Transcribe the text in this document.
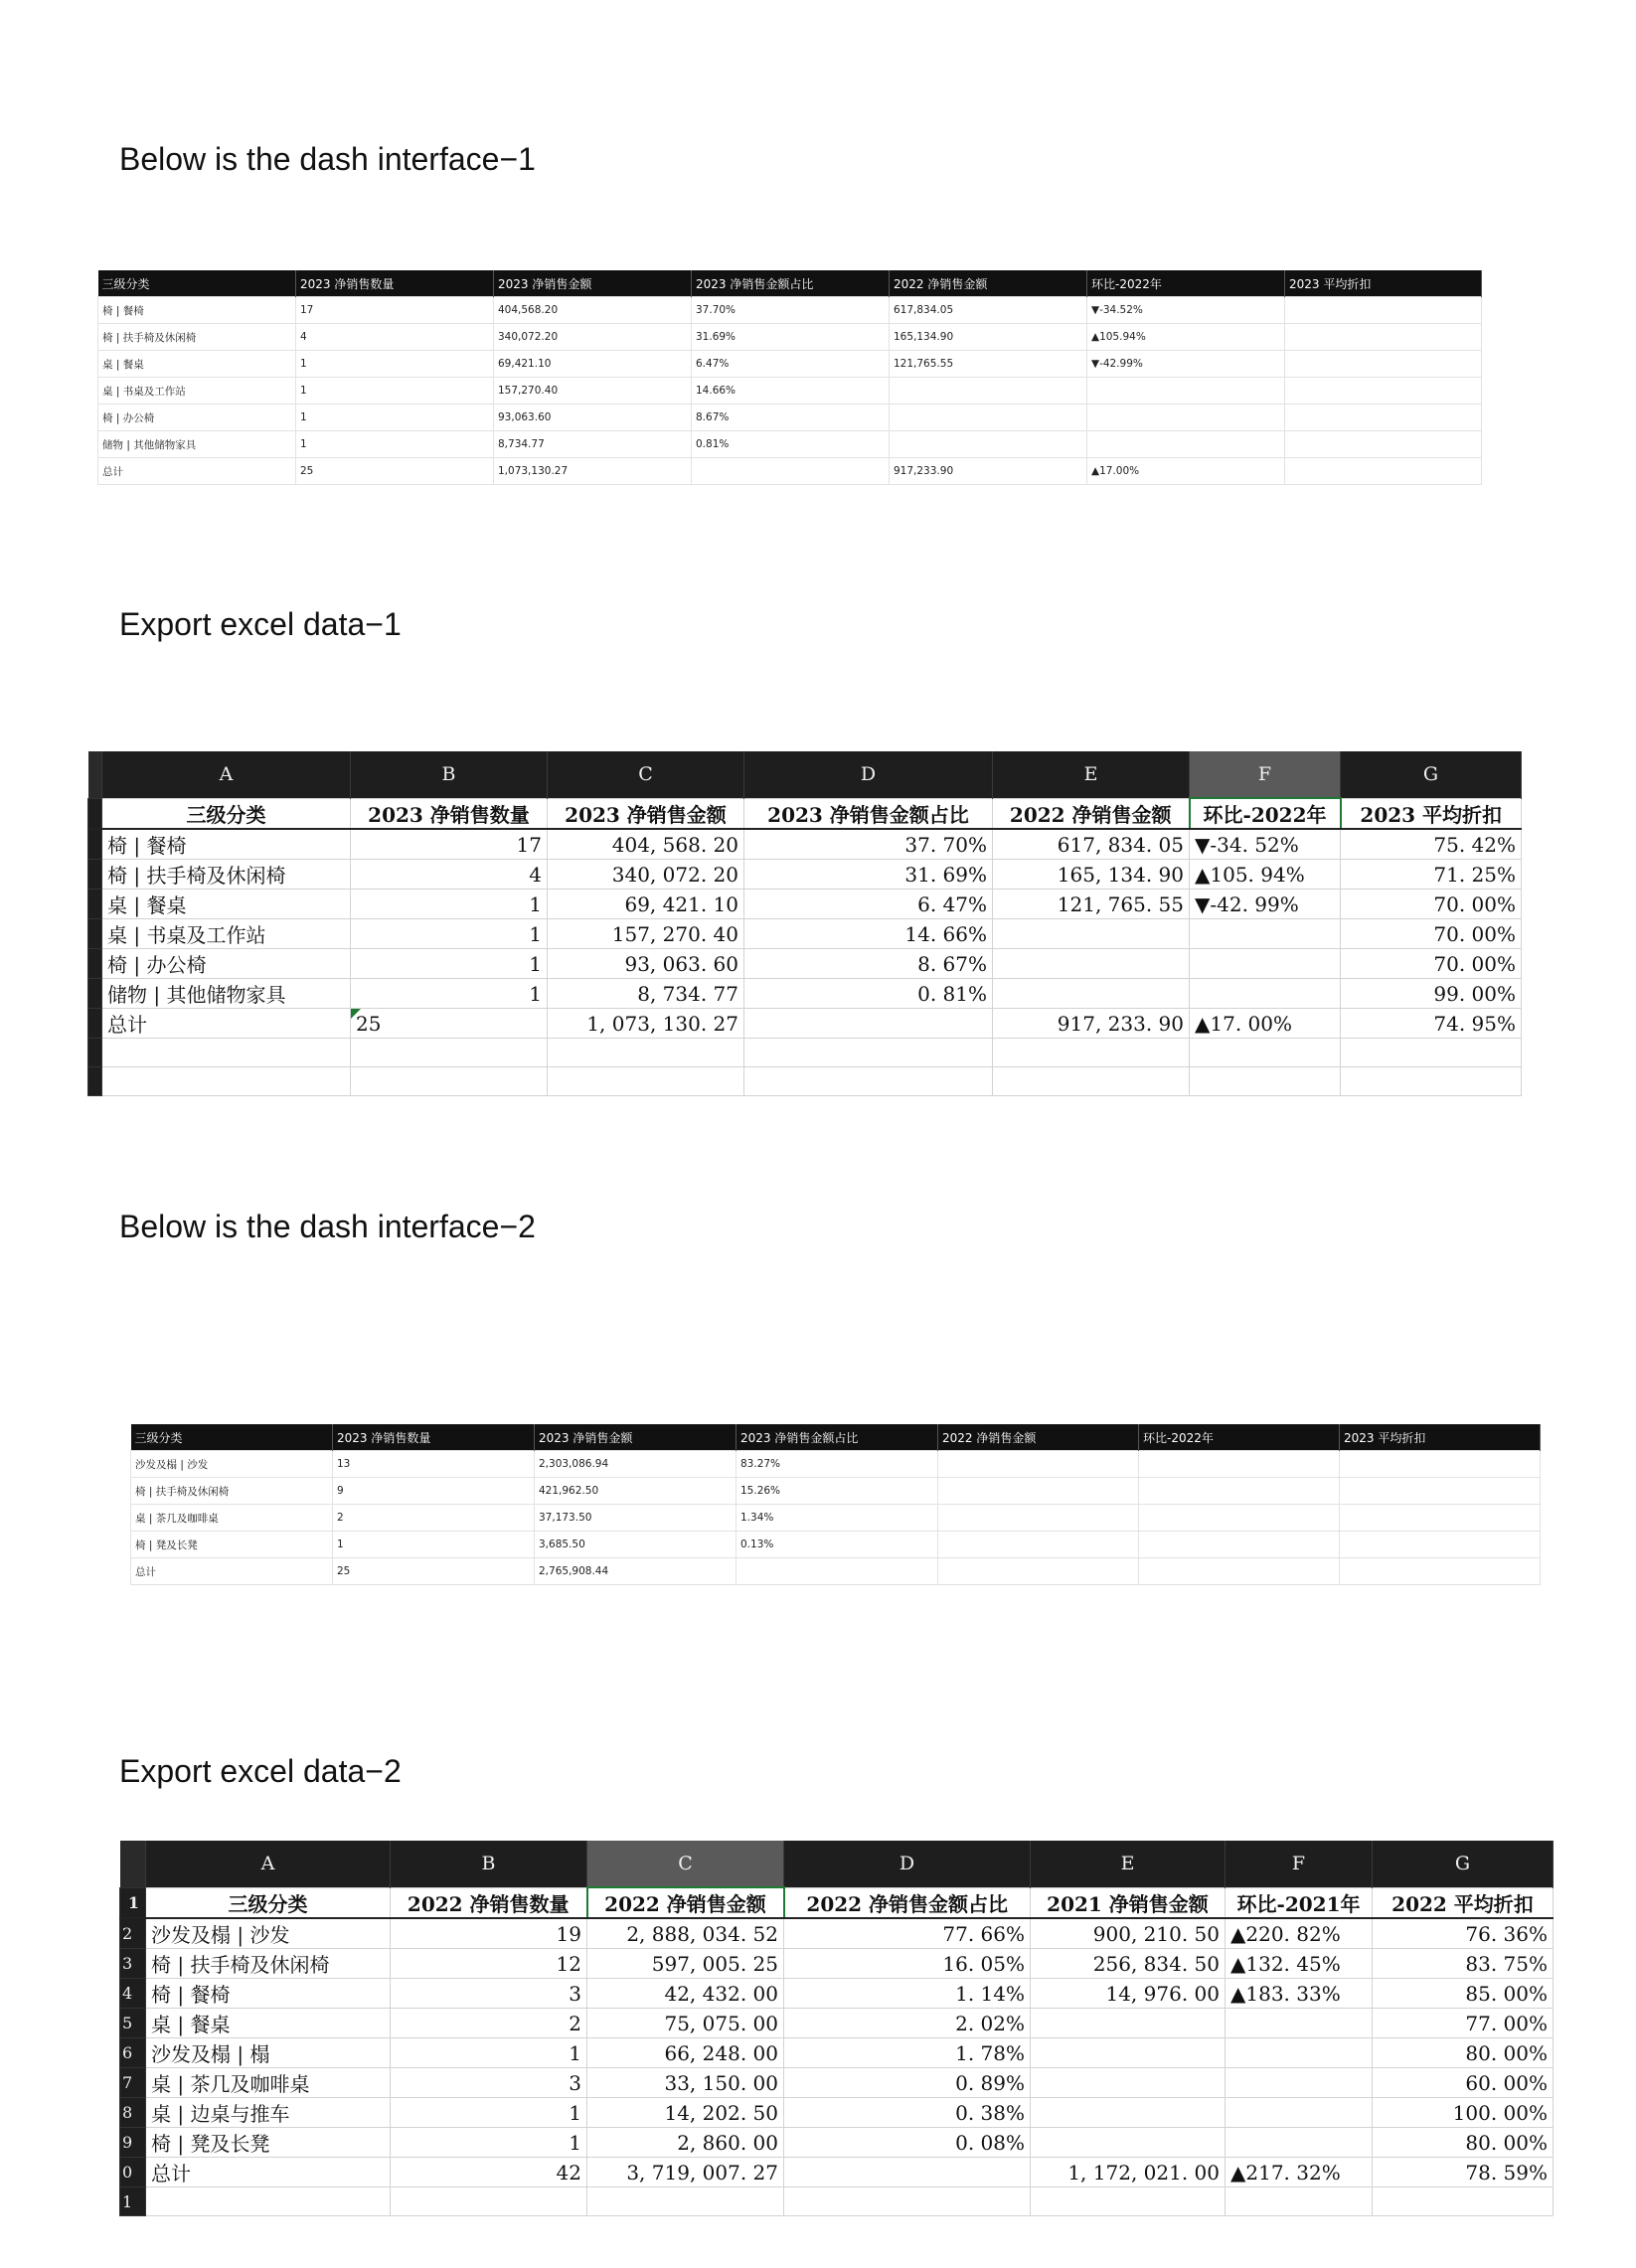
Below is the dash interface−1
三级分类	2023 净销售数量	2023 净销售金额	2023 净销售金额占比	2022 净销售金额	环比-2022年	2023 平均折扣
椅 | 餐椅	17	404,568.20	37.70%	617,834.05	▼-34.52%	
椅 | 扶手椅及休闲椅	4	340,072.20	31.69%	165,134.90	▲105.94%	
桌 | 餐桌	1	69,421.10	6.47%	121,765.55	▼-42.99%	
桌 | 书桌及工作站	1	157,270.40	14.66%			
椅 | 办公椅	1	93,063.60	8.67%			
储物 | 其他储物家具	1	8,734.77	0.81%			
总计	25	1,073,130.27		917,233.90	▲17.00%	
Export excel data−1
	A	B	C	D	E	F	G
	三级分类	2023 净销售数量	2023 净销售金额	2023 净销售金额占比	2022 净销售金额	环比-2022年	2023 平均折扣
	椅 | 餐椅	17	404, 568. 20	37. 70%	617, 834. 05	▼-34. 52%	75. 42%
	椅 | 扶手椅及休闲椅	4	340, 072. 20	31. 69%	165, 134. 90	▲105. 94%	71. 25%
	桌 | 餐桌	1	69, 421. 10	6. 47%	121, 765. 55	▼-42. 99%	70. 00%
	桌 | 书桌及工作站	1	157, 270. 40	14. 66%			70. 00%
	椅 | 办公椅	1	93, 063. 60	8. 67%			70. 00%
	储物 | 其他储物家具	1	8, 734. 77	0. 81%			99. 00%
	总计	25	1, 073, 130. 27		917, 233. 90	▲17. 00%	74. 95%

Below is the dash interface−2
三级分类	2023 净销售数量	2023 净销售金额	2023 净销售金额占比	2022 净销售金额	环比-2022年	2023 平均折扣
沙发及榻 | 沙发	13	2,303,086.94	83.27%			
椅 | 扶手椅及休闲椅	9	421,962.50	15.26%			
桌 | 茶几及咖啡桌	2	37,173.50	1.34%			
椅 | 凳及长凳	1	3,685.50	0.13%			
总计	25	2,765,908.44				
Export excel data−2
	A	B	C	D	E	F	G
1	三级分类	2022 净销售数量	2022 净销售金额	2022 净销售金额占比	2021 净销售金额	环比-2021年	2022 平均折扣
2	沙发及榻 | 沙发	19	2, 888, 034. 52	77. 66%	900, 210. 50	▲220. 82%	76. 36%
3	椅 | 扶手椅及休闲椅	12	597, 005. 25	16. 05%	256, 834. 50	▲132. 45%	83. 75%
4	椅 | 餐椅	3	42, 432. 00	1. 14%	14, 976. 00	▲183. 33%	85. 00%
5	桌 | 餐桌	2	75, 075. 00	2. 02%			77. 00%
6	沙发及榻 | 榻	1	66, 248. 00	1. 78%			80. 00%
7	桌 | 茶几及咖啡桌	3	33, 150. 00	0. 89%			60. 00%
8	桌 | 边桌与推车	1	14, 202. 50	0. 38%			100. 00%
9	椅 | 凳及长凳	1	2, 860. 00	0. 08%			80. 00%
0	总计	42	3, 719, 007. 27		1, 172, 021. 00	▲217. 32%	78. 59%
1							
